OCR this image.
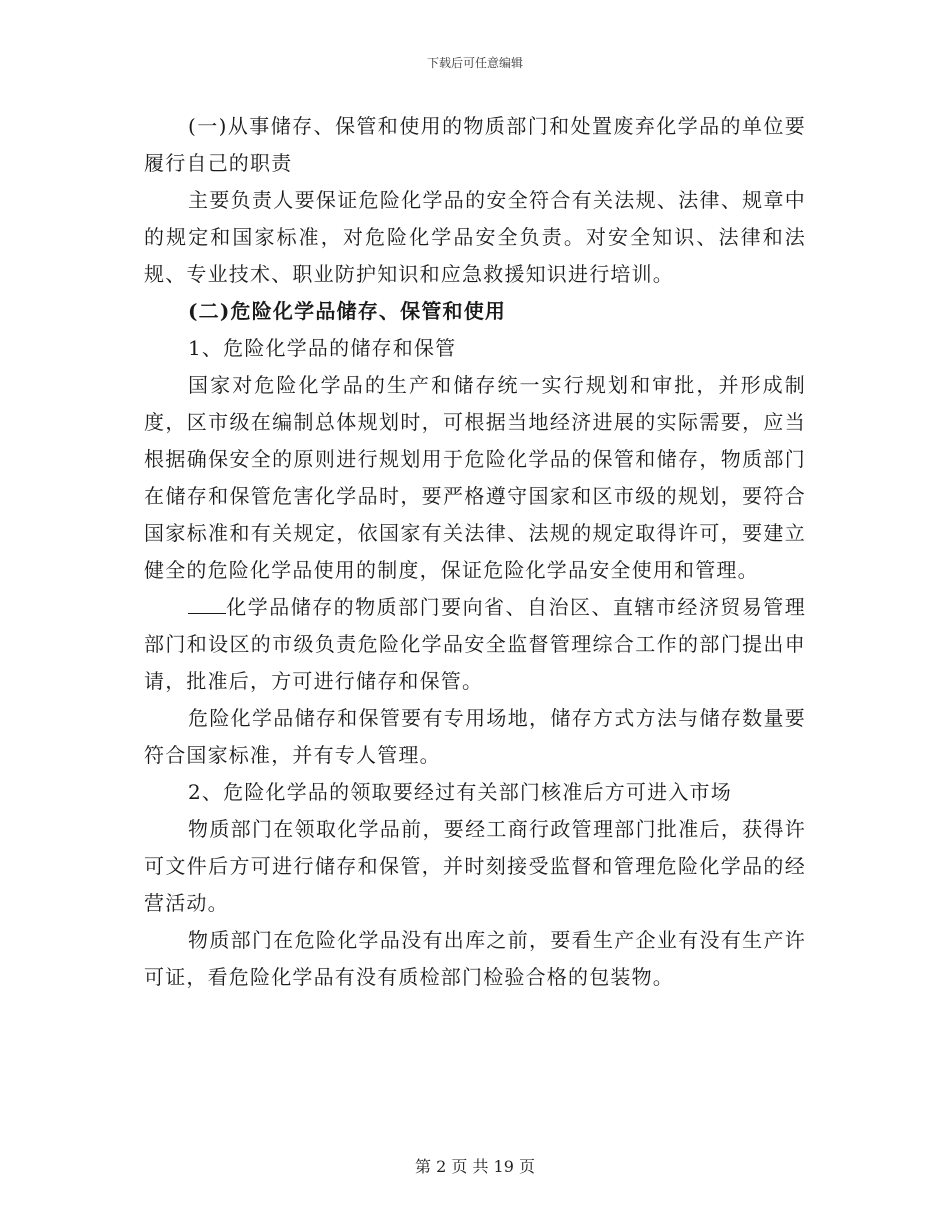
下载后可任意编辑

(一)从事储存、保管和使用的物质部门和处置废弃化学品的单位要履行自己的职责

主要负责人要保证危险化学品的安全符合有关法规、法律、规章中的规定和国家标准，对危险化学品安全负责。对安全知识、法律和法规、专业技术、职业防护知识和应急救援知识进行培训。

(二)危险化学品储存、保管和使用

1、危险化学品的储存和保管

国家对危险化学品的生产和储存统一实行规划和审批，并形成制度，区市级在编制总体规划时，可根据当地经济进展的实际需要，应当根据确保安全的原则进行规划用于危险化学品的保管和储存，物质部门在储存和保管危害化学品时，要严格遵守国家和区市级的规划，要符合国家标准和有关规定，依国家有关法律、法规的规定取得许可，要建立健全的危险化学品使用的制度，保证危险化学品安全使用和管理。

化学品储存的物质部门要向省、自治区、直辖市经济贸易管理部门和设区的市级负责危险化学品安全监督管理综合工作的部门提出申请，批准后，方可进行储存和保管。

危险化学品储存和保管要有专用场地，储存方式方法与储存数量要符合国家标准，并有专人管理。

2、危险化学品的领取要经过有关部门核准后方可进入市场

物质部门在领取化学品前，要经工商行政管理部门批准后，获得许可文件后方可进行储存和保管，并时刻接受监督和管理危险化学品的经营活动。

物质部门在危险化学品没有出库之前，要看生产企业有没有生产许可证，看危险化学品有没有质检部门检验合格的包装物。

第 2 页 共 19 页
